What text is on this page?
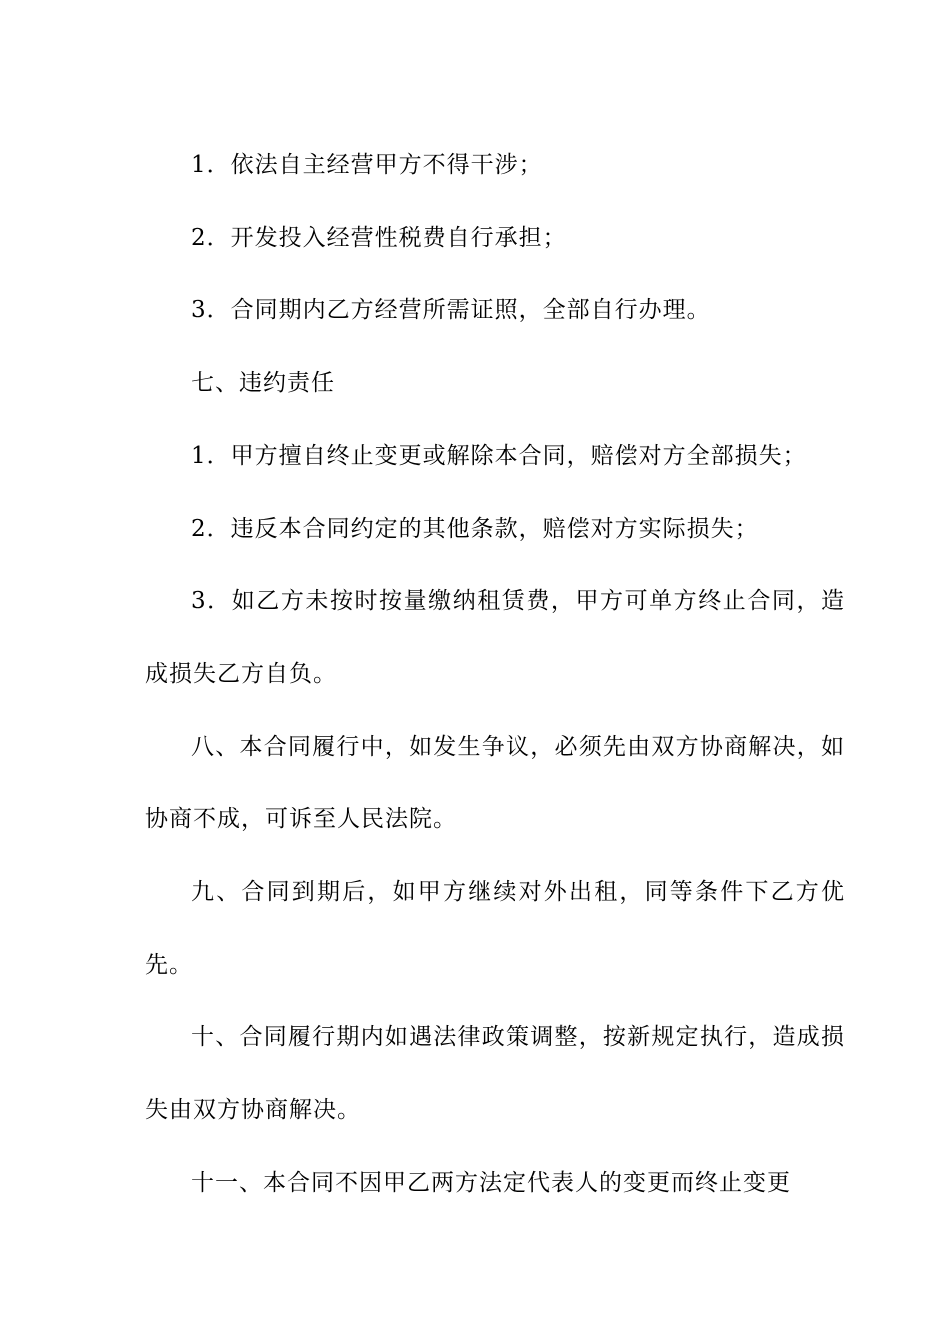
1．依法自主经营甲方不得干涉；

2．开发投入经营性税费自行承担；

3．合同期内乙方经营所需证照，全部自行办理。

七、违约责任

1．甲方擅自终止变更或解除本合同，赔偿对方全部损失；

2．违反本合同约定的其他条款，赔偿对方实际损失；

3．如乙方未按时按量缴纳租赁费，甲方可单方终止合同，造成损失乙方自负。

八、本合同履行中，如发生争议，必须先由双方协商解决，如协商不成，可诉至人民法院。

九、合同到期后，如甲方继续对外出租，同等条件下乙方优先。

十、合同履行期内如遇法律政策调整，按新规定执行，造成损失由双方协商解决。

十一、本合同不因甲乙两方法定代表人的变更而终止变更
